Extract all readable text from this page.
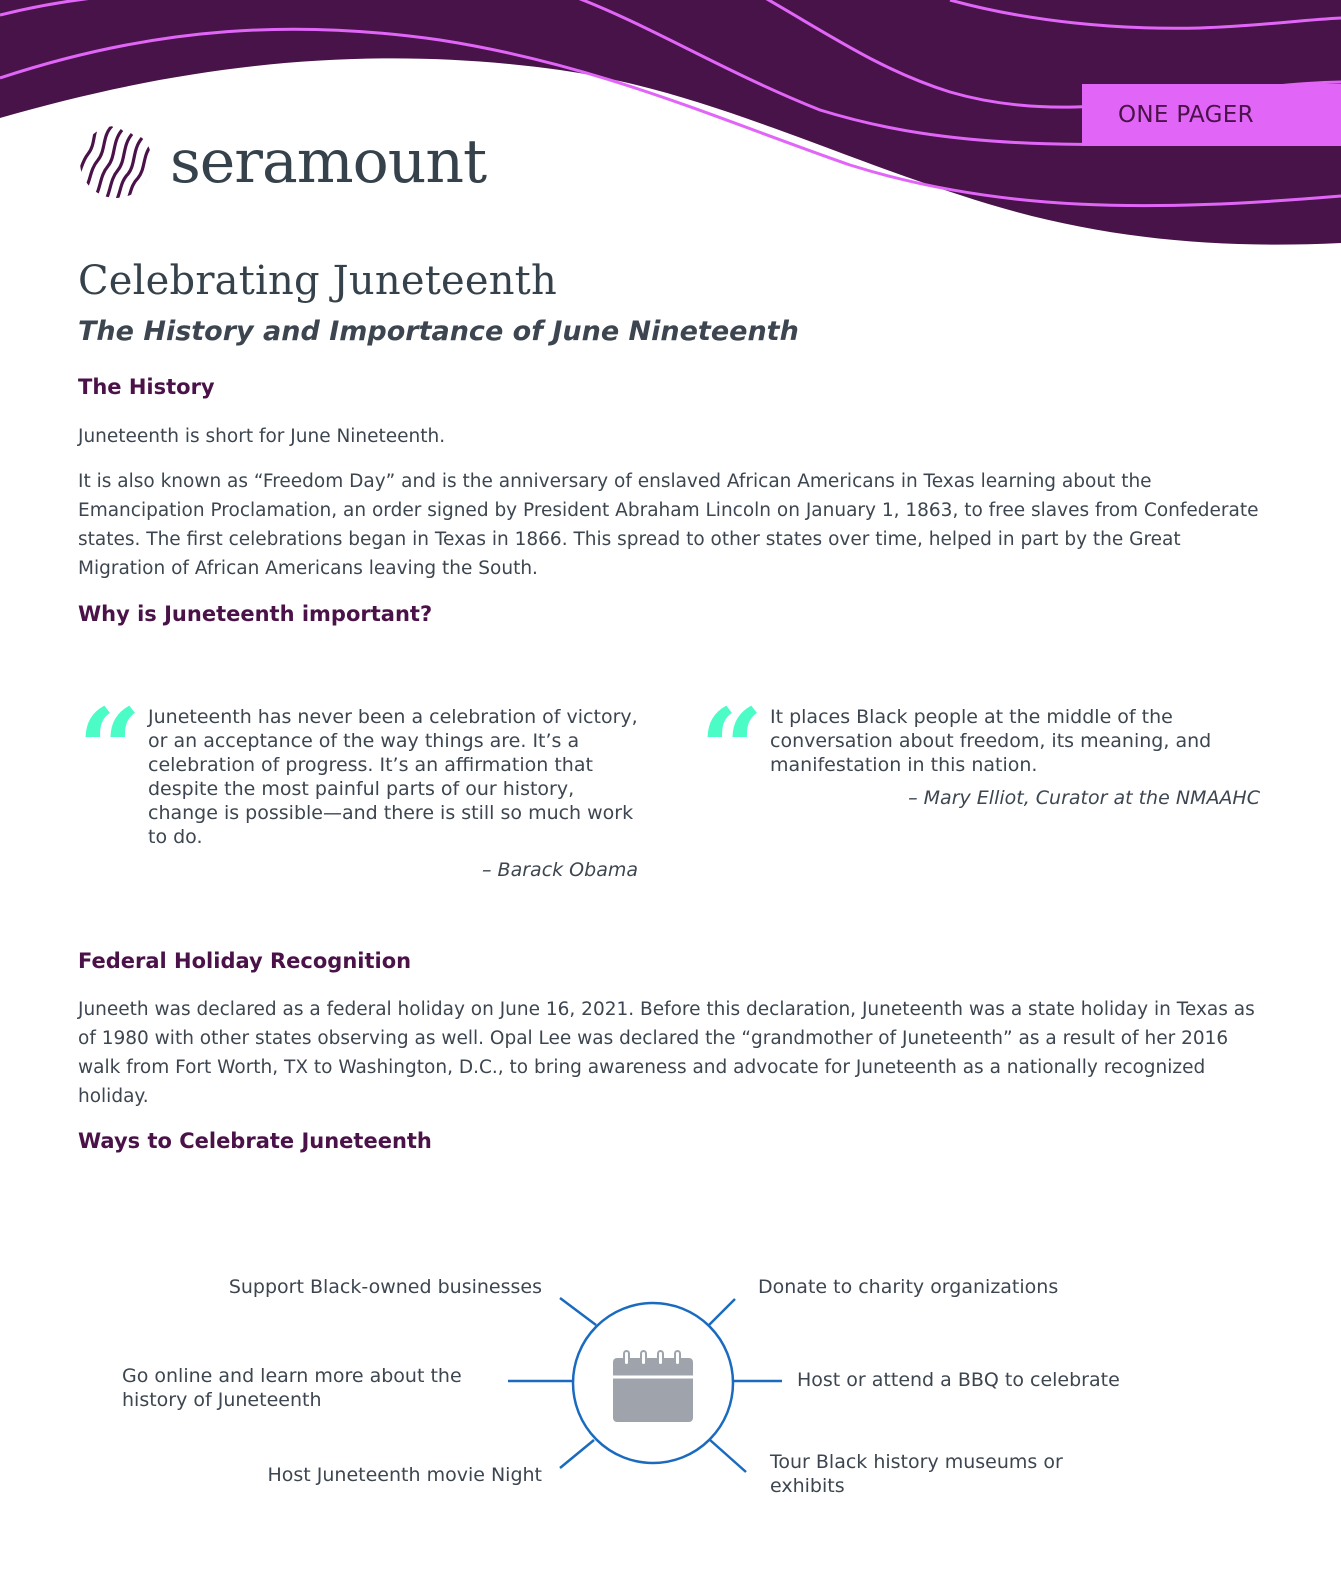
ONE PAGER
seramount
Celebrating Juneteenth
The History and Importance of June Nineteenth
The History

Juneteenth is short for June Nineteenth.

It is also known as “Freedom Day” and is the anniversary of enslaved African Americans in Texas learning about the Emancipation Proclamation, an order signed by President Abraham Lincoln on January 1, 1863, to free slaves from Confederate states. The first celebrations began in Texas in 1866. This spread to other states over time, helped in part by the Great Migration of African Americans leaving the South.

Why is Juneteenth important?
“ Juneteenth has never been a celebration of victory, or an acceptance of the way things are. It’s a celebration of progress. It’s an affirmation that despite the most painful parts of our history, change is possible—and there is still so much work to do.
– Barack Obama
“ It places Black people at the middle of the conversation about freedom, its meaning, and manifestation in this nation.
– Mary Elliot, Curator at the NMAAHC
Federal Holiday Recognition

Juneeth was declared as a federal holiday on June 16, 2021. Before this declaration, Juneteenth was a state holiday in Texas as of 1980 with other states observing as well. Opal Lee was declared the “grandmother of Juneteenth” as a result of her 2016 walk from Fort Worth, TX to Washington, D.C., to bring awareness and advocate for Juneteenth as a nationally recognized holiday.

Ways to Celebrate Juneteenth
Support Black-owned businesses	Donate to charity organizations
Go online and learn more about the history of Juneteenth
Host or attend a BBQ to celebrate
Host Juneteenth movie Night
Tour Black history museums or exhibits
